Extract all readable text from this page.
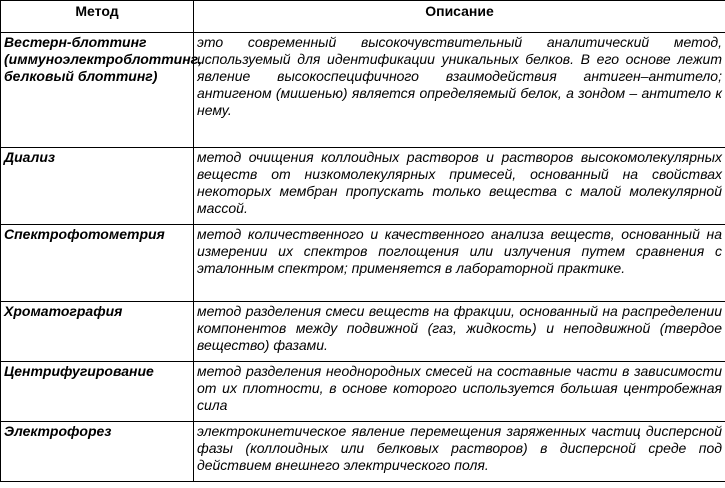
Метод	Описание
Вестерн-блоттинг (иммуноэлектроблоттинг, белковый блоттинг)	это современный высокочувствительный аналитический метод, используемый для идентификации уникальных белков. В его основе лежит явление высокоспецифичного взаимодействия антиген–антитело; антигеном (мишенью) является определяемый белок, а зондом – антитело к нему.
Диализ	метод очищения коллоидных растворов и растворов высокомолекулярных веществ от низкомолекулярных примесей, основанный на свойствах некоторых мембран пропускать только вещества с малой молекулярной массой.
Спектрофотометрия	метод количественного и качественного анализа веществ, основанный на измерении их спектров поглощения или излучения путем сравнения с эталонным спектром; применяется в лабораторной практике.
Хроматография	метод разделения смеси веществ на фракции, основанный на распределении компонентов между подвижной (газ, жидкость) и неподвижной (твердое вещество) фазами.
Центрифугирование	метод разделения неоднородных смесей на составные части в зависимости от их плотности, в основе которого используется большая центробежная сила
Электрофорез	электрокинетическое явление перемещения заряженных частиц дисперсной фазы (коллоидных или белковых растворов) в дисперсной среде под действием внешнего электрического поля.
